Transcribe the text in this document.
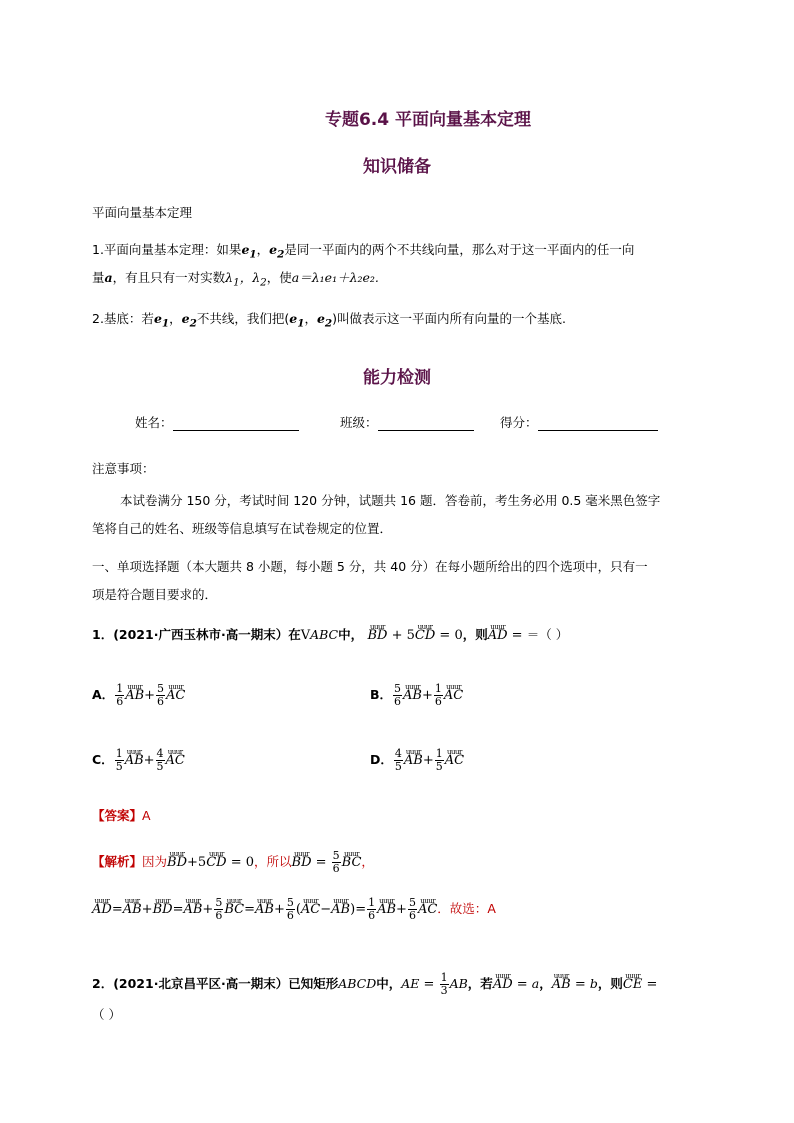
专题6.4 平面向量基本定理
知识储备
平面向量基本定理
1.平面向量基本定理：如果$e_1$，$e_2$是同一平面内的两个不共线向量，那么对于这一平面内的任一向
量a，有且只有一对实数$\lambda_1$，$\lambda_2$，使a＝λ₁e₁＋λ₂e₂.
2.基底：若$e_1$，$e_2$不共线，我们把($e_1$，$e_2$)叫做表示这一平面内所有向量的一个基底.
能力检测
姓名：	班级：	得分：
注意事项：
本试卷满分 150 分，考试时间 120 分钟，试题共 16 题．答卷前，考生务必用 0.5 毫米黑色签字
笔将自己的姓名、班级等信息填写在试卷规定的位置．
一、单项选择题（本大题共 8 小题，每小题 5 分，共 40 分）在每小题所给出的四个选项中，只有一
项是符合题目要求的．
1．(2021·广西玉林市·高一期末）在VABC中， uuur BD + 5uuur CD = 0，则uuur AD = ＝（ ）
A． $\frac{1}{6}$ uuur $AB+ \frac{5}{6}$ uuur AC	B． $\frac{5}{6}$ uuur $AB+ \frac{1}{6}$ uuur AC
C． $\frac{1}{5}$ uuur $AB+ \frac{4}{5}$ uuur AC	D． $\frac{4}{5}$ uuur $AB+ \frac{1}{5}$ uuur AC
【答案】A
【解析】因为uuur BD+5uuur CD = 0，所以uuur BD = $\frac{5}{6}$ uuur BC，
uuur AD=uuur AB+uuur BD=uuur $AB+ \frac{5}{6}$ uuur BC=uuur $AB+ \frac{5}{6}$ (uuur AC−uuur $AB)= \frac{1}{6}$ uuur $AB+ \frac{5}{6}$ uuur AC．故选：A
2．(2021·北京昌平区·高一期末）已知矩形ABCD中，AE = $\frac{1}{3}$ AB，若uuur AD = a，uuur AB = b，则uuur CE =
（ ）
